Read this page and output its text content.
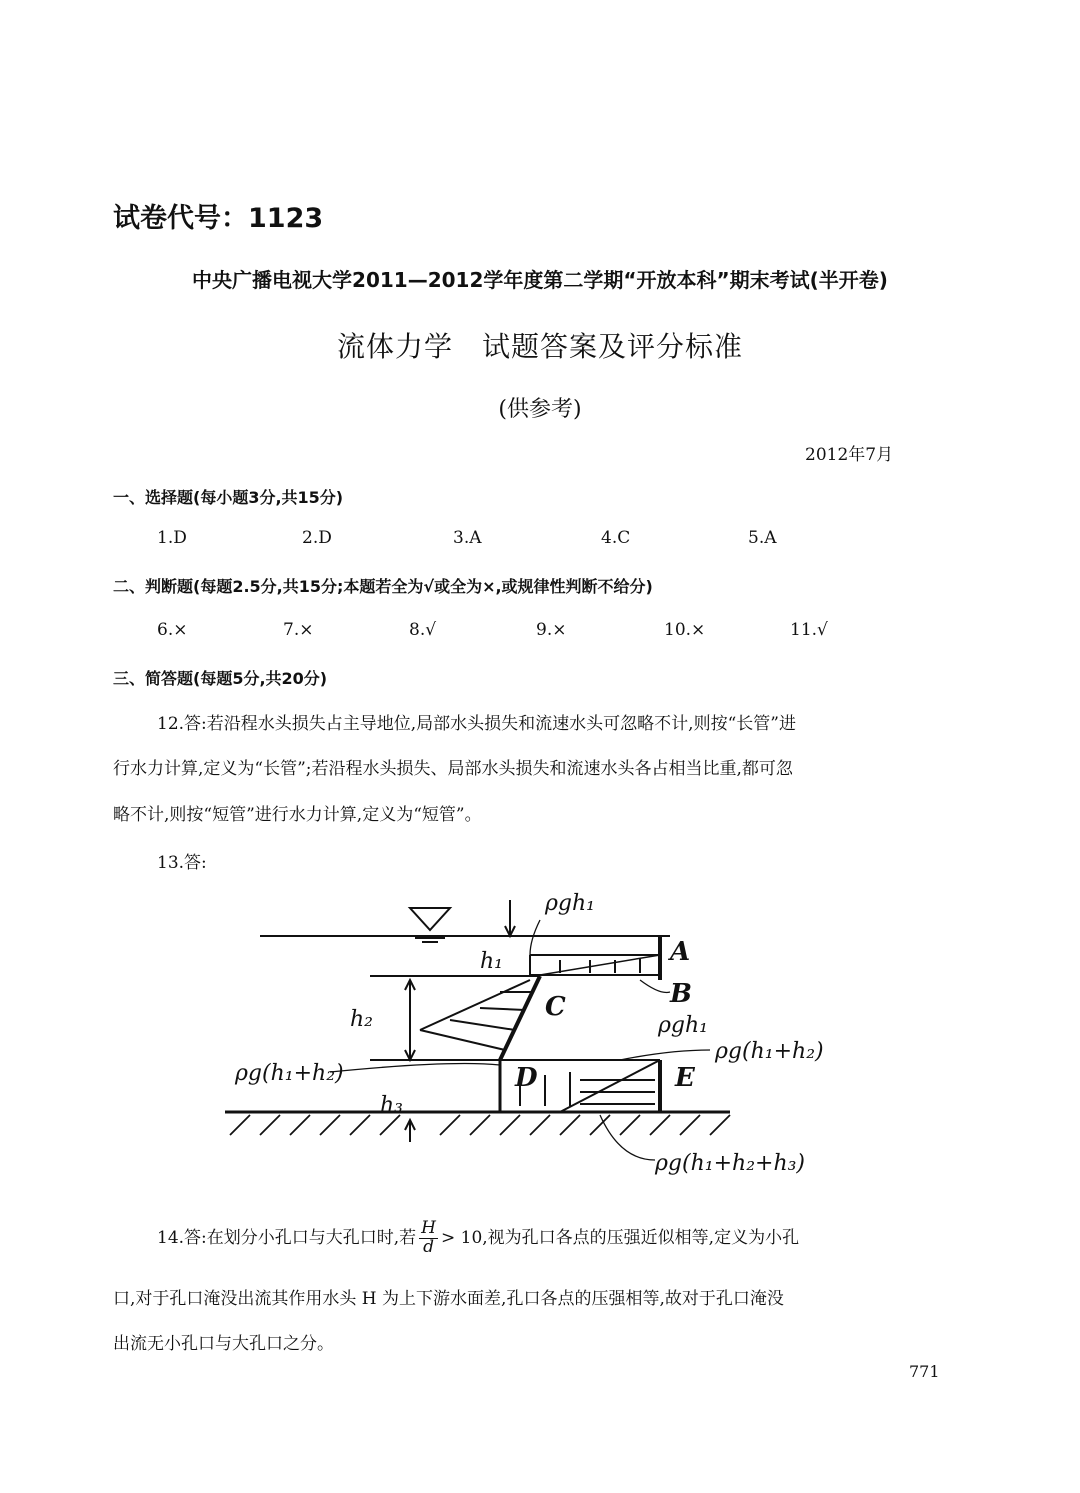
试卷代号：1123
中央广播电视大学2011—2012学年度第二学期“开放本科”期末考试(半开卷)
流体力学　试题答案及评分标准
(供参考)
2012年7月
一、选择题(每小题3分,共15分)
1.D	2.D	3.A	4.C	5.A
二、判断题(每题2.5分,共15分;本题若全为√或全为×,或规律性判断不给分)
6.×	7.×	8.√	9.×	10.×	11.√
三、简答题(每题5分,共20分)
12.答:若沿程水头损失占主导地位,局部水头损失和流速水头可忽略不计,则按“长管”进
行水力计算,定义为“长管”;若沿程水头损失、局部水头损失和流速水头各占相当比重,都可忽
略不计,则按“短管”进行水力计算,定义为“短管”。
13.答:
A
B
C
D	E
h₁
h₂
h₃
ρgh₁
ρgh₁
ρg(h₁+h₂)
ρg(h₁+h₂)
ρg(h₁+h₂+h₃)
14.答:在划分小孔口与大孔口时,若 $\frac{H}{d} > 10$,视为孔口各点的压强近似相等,定义为小孔
口,对于孔口淹没出流其作用水头 H 为上下游水面差,孔口各点的压强相等,故对于孔口淹没
出流无小孔口与大孔口之分。
771
